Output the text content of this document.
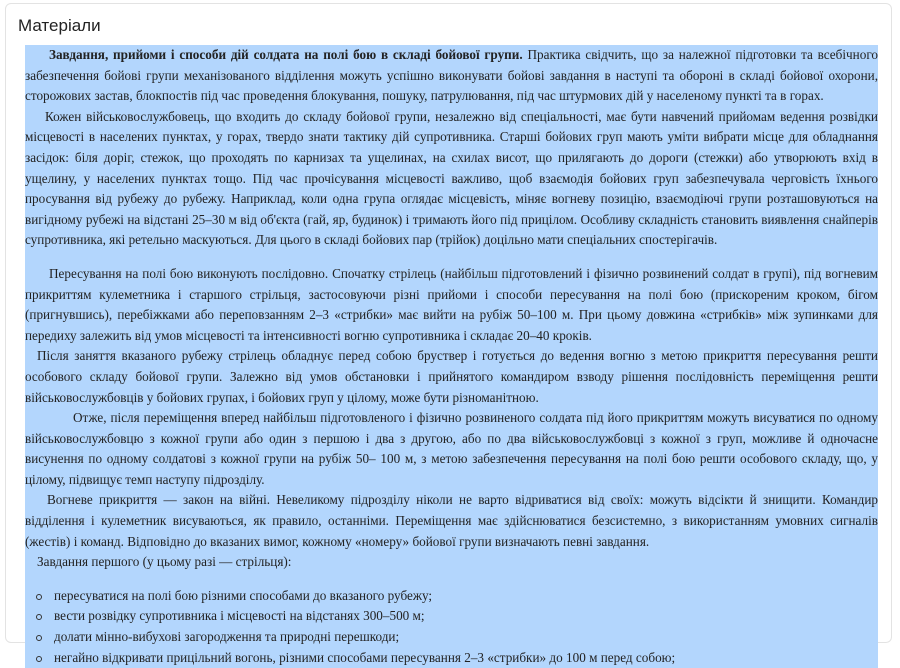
Матеріали

Завдання, прийоми і способи дій солдата на полі бою в складі бойової групи. Практика свідчить, що за належної підготовки та всебічного забезпечення бойові групи механізованого відділення можуть успішно виконувати бойові завдання в наступі та обороні в складі бойової охорони, сторожових застав, блокпостів під час проведення блокування, пошуку, патрулювання, під час штурмових дій у населеному пункті та в горах.

Кожен військовослужбовець, що входить до складу бойової групи, незалежно від спеціальності, має бути навчений прийомам ведення розвідки місцевості в населених пунктах, у горах, твердо знати тактику дій супротивника. Старші бойових груп мають уміти вибрати місце для обладнання засідок: біля доріг, стежок, що проходять по карнизах та ущелинах, на схилах висот, що прилягають до дороги (стежки) або утворюють вхід в ущелину, у населених пунктах тощо. Під час прочісування місцевості важливо, щоб взаємодія бойових груп забезпечувала черговість їхнього просування від рубежу до рубежу. Наприклад, коли одна група оглядає місцевість, міняє вогневу позицію, взаємодіючі групи розташовуються на вигідному рубежі на відстані 25–30 м від об'єкта (гай, яр, будинок) і тримають його під прицілом. Особливу складність становить виявлення снайперів супротивника, які ретельно маскуються. Для цього в складі бойових пар (трійок) доцільно мати спеціальних спостерігачів.

Пересування на полі бою виконують послідовно. Спочатку стрілець (найбільш підготовлений і фізично розвинений солдат в групі), під вогневим прикриттям кулеметника і старшого стрільця, застосовуючи різні прийоми і способи пересування на полі бою (прискореним кроком, бігом (пригнувшись), перебіжками або переповзанням 2–3 «стрибки» має вийти на рубіж 50–100 м. При цьому довжина «стрибків» між зупинками для передиху залежить від умов місцевості та інтенсивності вогню супротивника і складає 20–40 кроків.

Після заняття вказаного рубежу стрілець обладнує перед собою бруствер і готується до ведення вогню з метою прикриття пересування решти особового складу бойової групи. Залежно від умов обстановки і прийнятого командиром взводу рішення послідовність переміщення решти військовослужбовців у бойових групах, і бойових груп у цілому, може бути різноманітною.

Отже, після переміщення вперед найбільш підготовленого і фізично розвиненого солдата під його прикриттям можуть висуватися по одному військовослужбовцю з кожної групи або один з першою і два з другою, або по два військовослужбовці з кожної з груп, можливе й одночасне висунення по одному солдатові з кожної групи на рубіж 50– 100 м, з метою забезпечення пересування на полі бою решти особового складу, що, у цілому, підвищує темп наступу підрозділу.

Вогневе прикриття — закон на війні. Невеликому підрозділу ніколи не варто відриватися від своїх: можуть відсікти й знищити. Командир відділення і кулеметник висуваються, як правило, останніми. Переміщення має здійснюватися безсистемно, з використанням умовних сигналів (жестів) і команд. Відповідно до вказаних вимог, кожному «номеру» бойової групи визначають певні завдання.

Завдання першого (у цьому разі — стрільця):

пересуватися на полі бою різними способами до вказаного рубежу;
вести розвідку супротивника і місцевості на відстанях 300–500 м;
долати мінно-вибухові загородження та природні перешкоди;
негайно відкривати прицільний вогонь, різними способами пересування 2–3 «стрибки» до 100 м перед собою;
